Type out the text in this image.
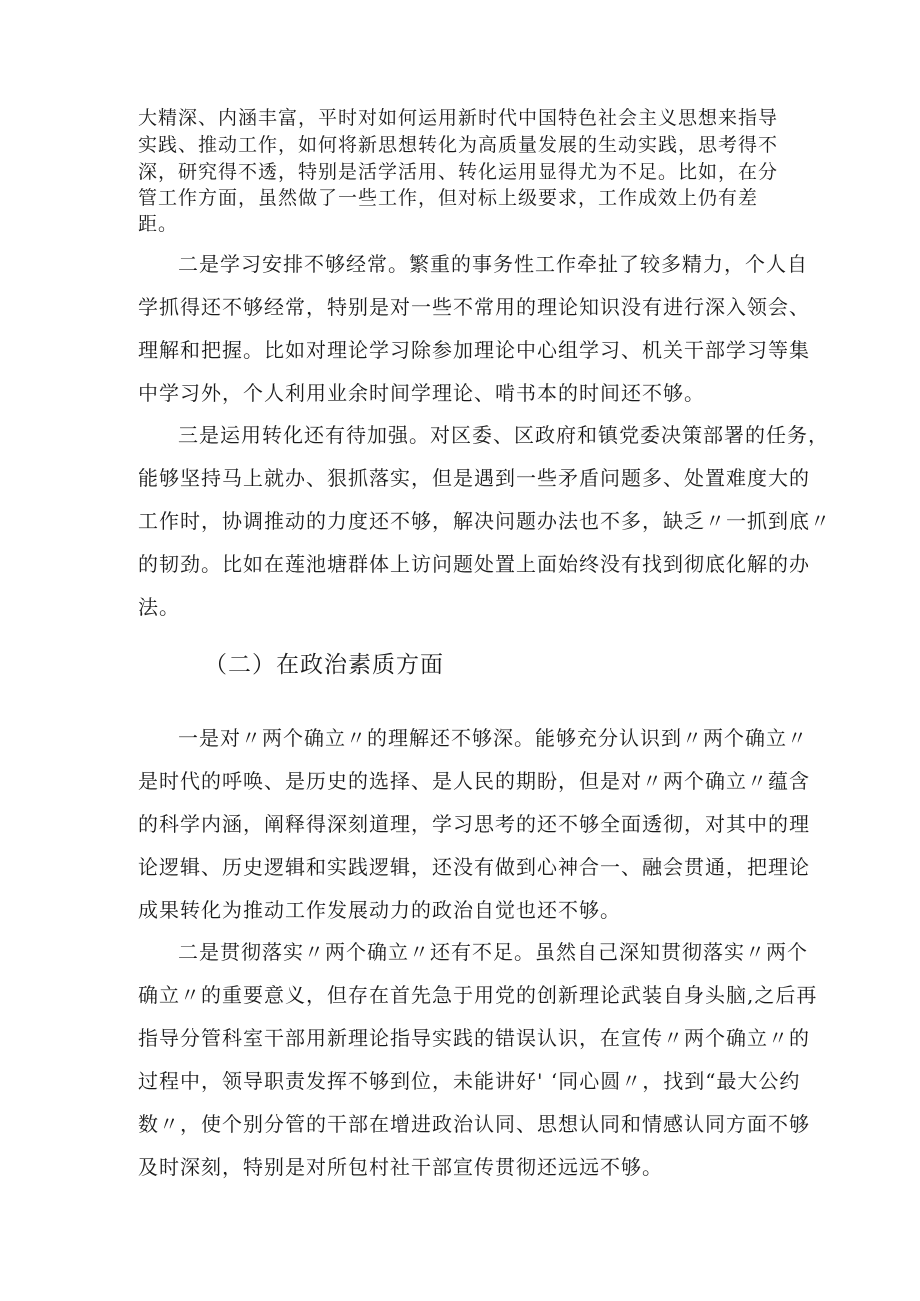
大精深、内涵丰富，平时对如何运用新时代中国特色社会主义思想来指导
实践、推动工作，如何将新思想转化为高质量发展的生动实践，思考得不
深，研究得不透，特别是活学活用、转化运用显得尤为不足。比如，在分
管工作方面，虽然做了一些工作，但对标上级要求，工作成效上仍有差
距。
二是学习安排不够经常。繁重的事务性工作牵扯了较多精力，个人自
学抓得还不够经常，特别是对一些不常用的理论知识没有进行深入领会、
理解和把握。比如对理论学习除参加理论中心组学习、机关干部学习等集
中学习外，个人利用业余时间学理论、啃书本的时间还不够。
三是运用转化还有待加强。对区委、区政府和镇党委决策部署的任务，
能够坚持马上就办、狠抓落实，但是遇到一些矛盾问题多、处置难度大的
工作时，协调推动的力度还不够，解决问题办法也不多，缺乏〃一抓到底〃
的韧劲。比如在莲池塘群体上访问题处置上面始终没有找到彻底化解的办
法。
（二）在政治素质方面
一是对〃两个确立〃的理解还不够深。能够充分认识到〃两个确立〃
是时代的呼唤、是历史的选择、是人民的期盼，但是对〃两个确立〃蕴含
的科学内涵，阐释得深刻道理，学习思考的还不够全面透彻，对其中的理
论逻辑、历史逻辑和实践逻辑，还没有做到心神合一、融会贯通，把理论
成果转化为推动工作发展动力的政治自觉也还不够。
二是贯彻落实〃两个确立〃还有不足。虽然自己深知贯彻落实〃两个
确立〃的重要意义，但存在首先急于用党的创新理论武装自身头脑,之后再
指导分管科室干部用新理论指导实践的错误认识，在宣传〃两个确立〃的
过程中，领导职责发挥不够到位，未能讲好' ‘同心圆〃，找到“最大公约
数〃，使个别分管的干部在增进政治认同、思想认同和情感认同方面不够
及时深刻，特别是对所包村社干部宣传贯彻还远远不够。
